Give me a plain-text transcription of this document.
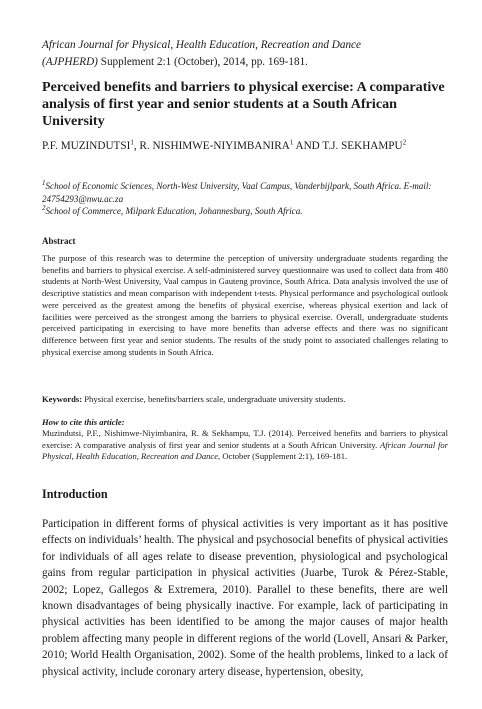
African Journal for Physical, Health Education, Recreation and Dance
(AJPHERD) Supplement 2:1 (October), 2014, pp. 169-181.

Perceived benefits and barriers to physical exercise: A comparative analysis of first year and senior students at a South African University

P.F. MUZINDUTSI$^1$, R. NISHIMWE-NIYIMBANIRA$^1$ AND T.J. SEKHAMPU$^2$

$^1$School of Economic Sciences, North-West University, Vaal Campus, Vanderbijlpark, South Africa. E-mail: 24754293@nwu.ac.za
$^2$School of Commerce, Milpark Education, Johannesburg, South Africa.

Abstract

The purpose of this research was to determine the perception of university undergraduate students regarding the benefits and barriers to physical exercise. A self-administered survey questionnaire was used to collect data from 480 students at North-West University, Vaal campus in Gauteng province, South Africa. Data analysis involved the use of descriptive statistics and mean comparison with independent t-tests. Physical performance and psychological outlook were perceived as the greatest among the benefits of physical exercise, whereas physical exertion and lack of facilities were perceived as the strongest among the barriers to physical exercise. Overall, undergraduate students perceived participating in exercising to have more benefits than adverse effects and there was no significant difference between first year and senior students. The results of the study point to associated challenges relating to physical exercise among students in South Africa.

Keywords: Physical exercise, benefits/barriers scale, undergraduate university students.

How to cite this article:

Muzindutsi, P.F., Nishimwe-Niyimbanira, R. & Sekhampu, T.J. (2014). Perceived benefits and barriers to physical exercise: A comparative analysis of first year and senior students at a South African University. African Journal for Physical, Health Education, Recreation and Dance, October (Supplement 2:1), 169-181.

Introduction

Participation in different forms of physical activities is very important as it has positive effects on individuals’ health. The physical and psychosocial benefits of physical activities for individuals of all ages relate to disease prevention, physiological and psychological gains from regular participation in physical activities (Juarbe, Turok & Pérez-Stable, 2002; Lopez, Gallegos & Extremera, 2010). Parallel to these benefits, there are well known disadvantages of being physically inactive. For example, lack of participating in physical activities has been identified to be among the major causes of major health problem affecting many people in different regions of the world (Lovell, Ansari & Parker, 2010; World Health Organisation, 2002). Some of the health problems, linked to a lack of physical activity, include coronary artery disease, hypertension, obesity,
